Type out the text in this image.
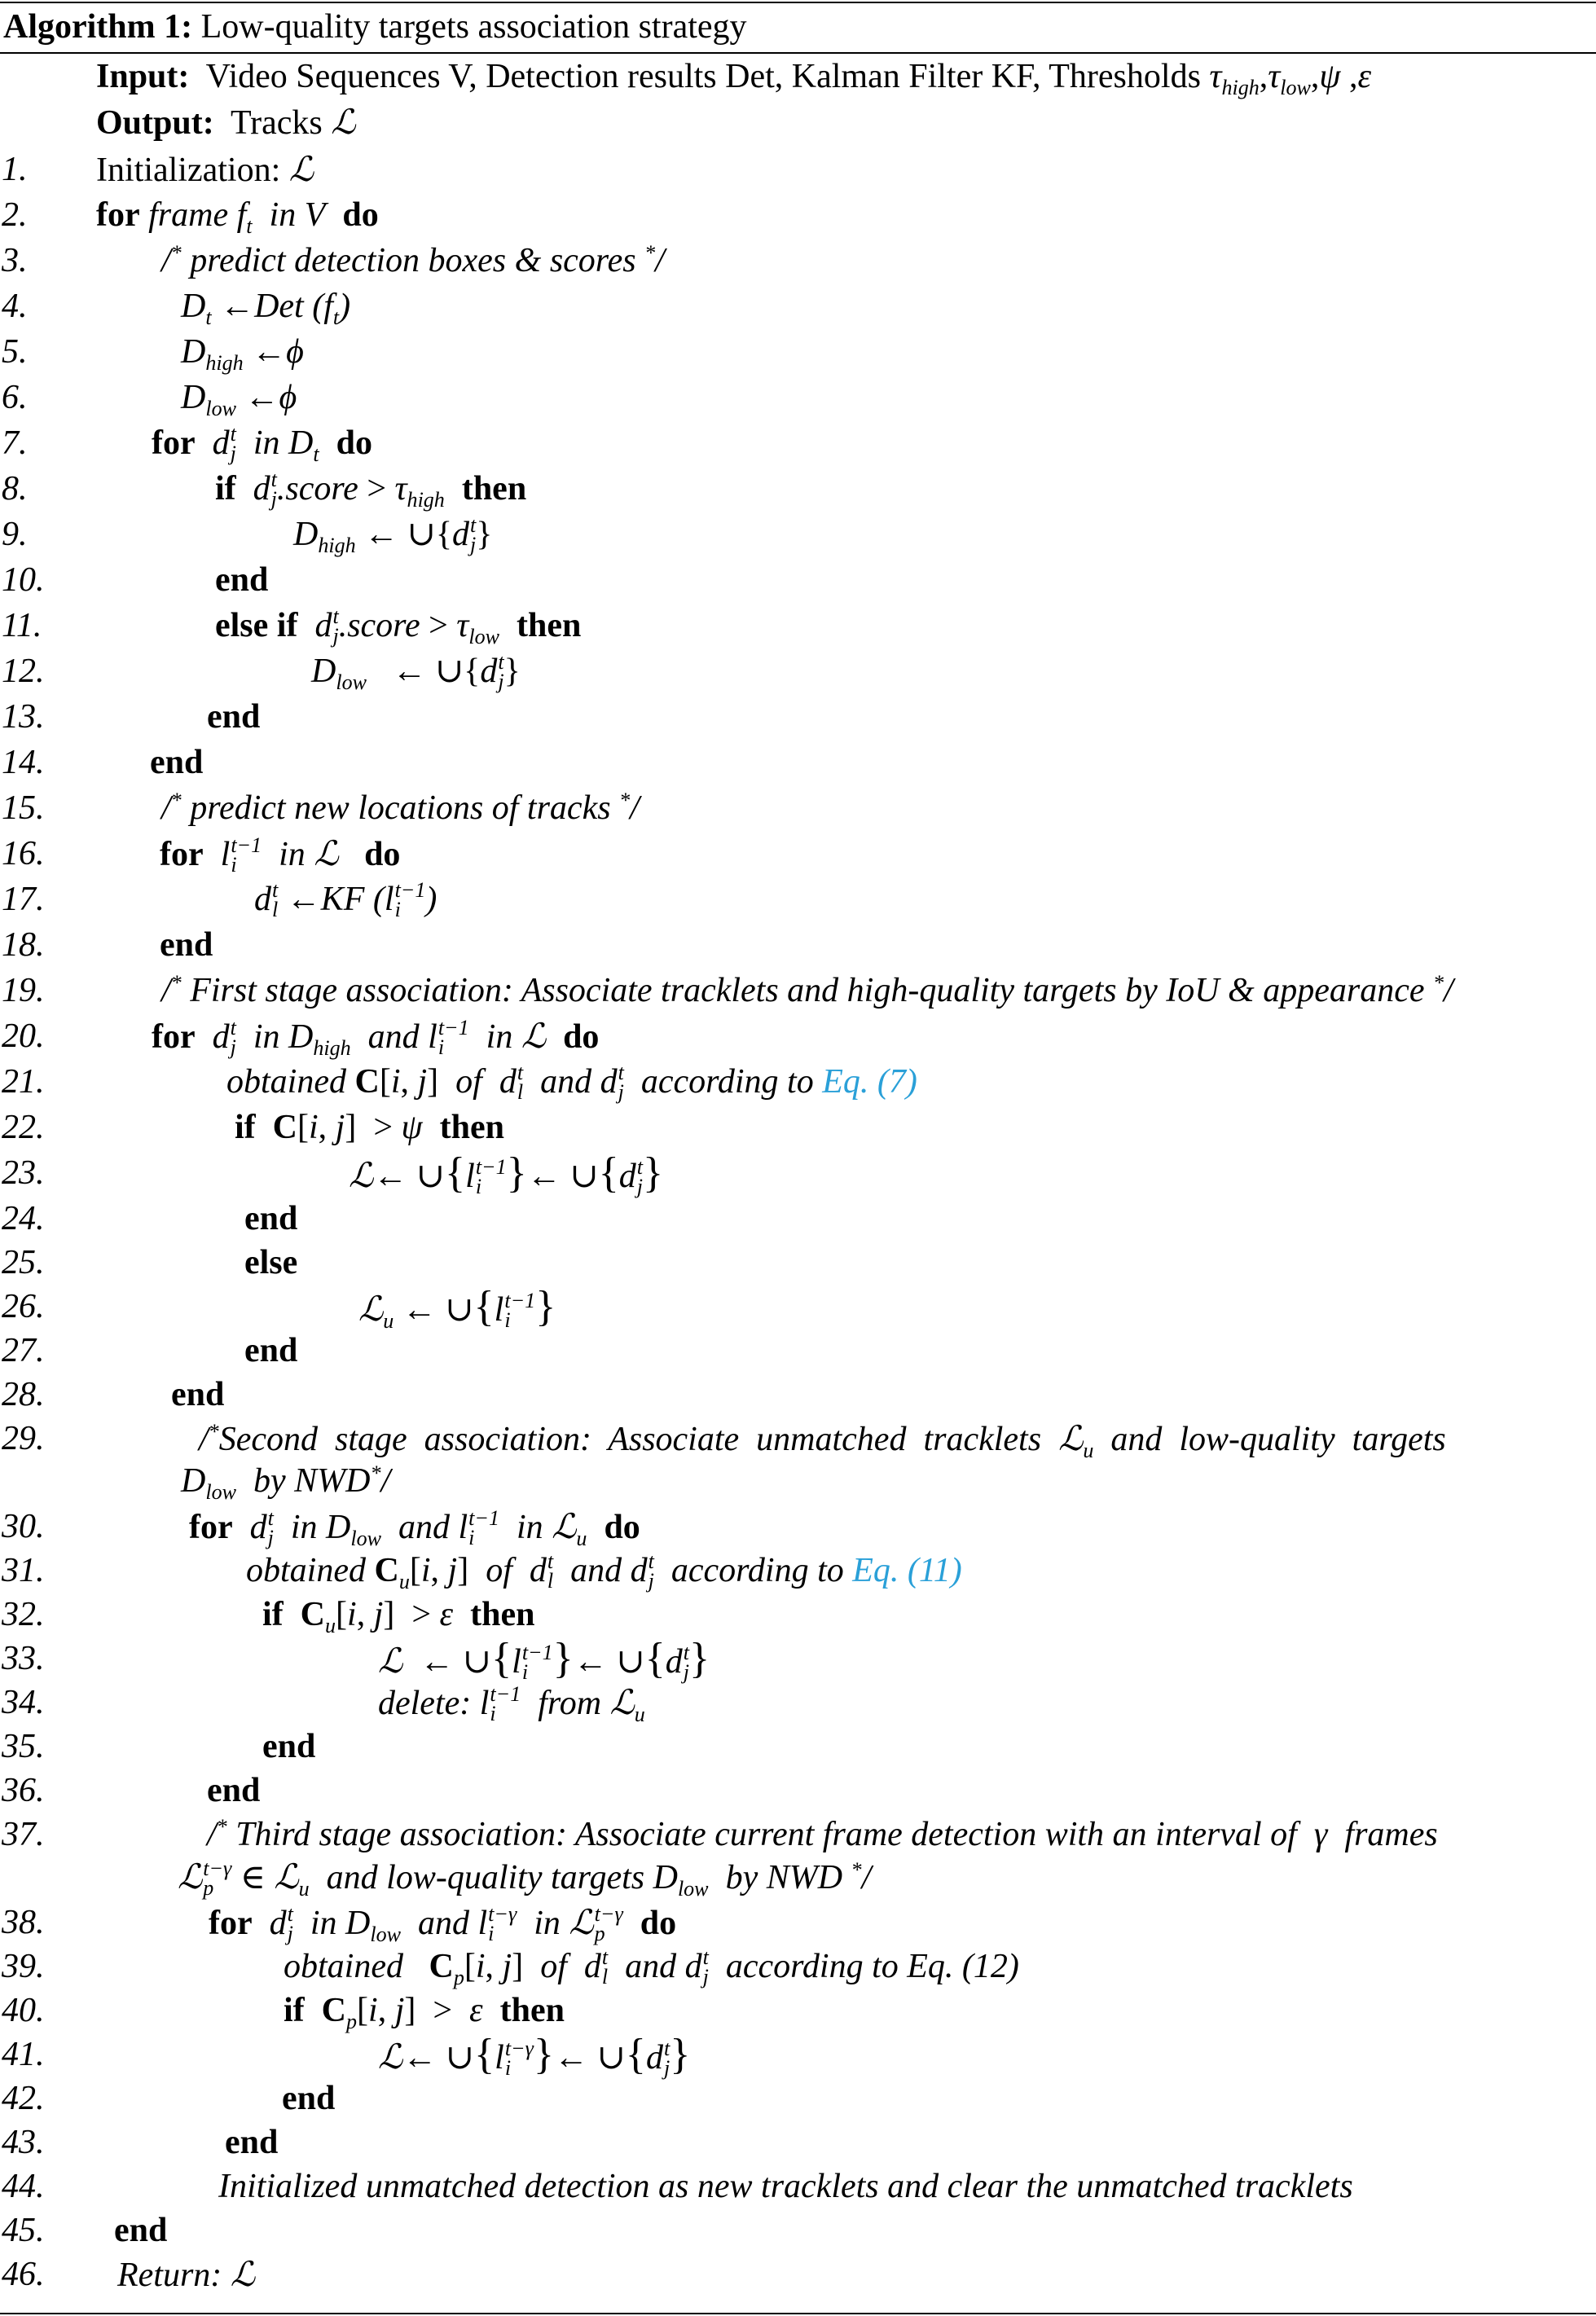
Algorithm 1: Low-quality targets association strategy
Input: Video Sequences V, Detection results Det, Kalman Filter KF, Thresholds $\tau_{high},\tau_{low},\psi$ ,ε
Output: Tracks ℒ
1. Initialization: ℒ
2. for frame $f_t$  in V do
3.	/* predict detection boxes & scores */
4.	$D_t$ ←Det $(f_t)$
5.	$D_{high}$ ←ϕ
6.	$D_{low}$ ←ϕ
7.	for d t
j in $D_t$ do
8.	if d t
j .score > $\tau_{high}$ then
9.	$D_{high}$ ← ∪{d t
j }
10.	end
11.	else if d t
j .score > $\tau_{low}$ then
12.	$D_{low}$   ← ∪{d t
j }
13.	end
14.	end
15.	/* predict new locations of tracks */
16.	for l t−1
i in ℒ do
17.	d t
l ←KF (l t−1
i )
18.	end
19.	/* First stage association: Associate tracklets and high-quality targets by IoU & appearance */
20.	for d t
j in $D_{high}$  and l t−1
i in ℒ do
21.	obtained C[i, j]  of  d t
l and d t
j according to Eq. (7)
22.	if C[i, j]  > ψ then
23.	ℒ← ∪{l t−1
i }← ∪{d t
j }
24.	end
25.	else
26.	ℒ$_u$ ← ∪{l t−1
i }
27.	end
28.	end
29.	/*Second  stage  association:  Associate  unmatched  tracklets  ℒ$_u$  and  low-quality  targets
$D_{low}$  by NWD*/
30.	for d t
j in $D_{low}$  and l t−1
i in ℒ$_u$ do
31.	obtained $C_u[i$, j]  of  d t
l and d t
j according to Eq. (11)
32.	if $C_u[i$, j]  > ε then
33.	ℒ  ← ∪{l t−1
i }← ∪{d t
j }
34.	delete: l t−1
i from ℒ$_u$
35.	end
36.	end
37.	/* Third stage association: Associate current frame detection with an interval of  γ  frames
ℒ t−γ
p ∈ ℒ$_u$  and low-quality targets $D_{low}$  by NWD */
38.	for d t
j in $D_{low}$  and l t−γ
i in ℒ t−γ
p	do
39.	obtained $C_p[i$, j]  of  d t
l and d t
j according to Eq. (12)
40.	if $C_p[i$, j]  >  ε then
41.	ℒ← ∪{l t−γ
i }← ∪{d t
j }
42.	end
43.	end
44.	Initialized unmatched detection as new tracklets and clear the unmatched tracklets
45. end
46. Return: ℒ
